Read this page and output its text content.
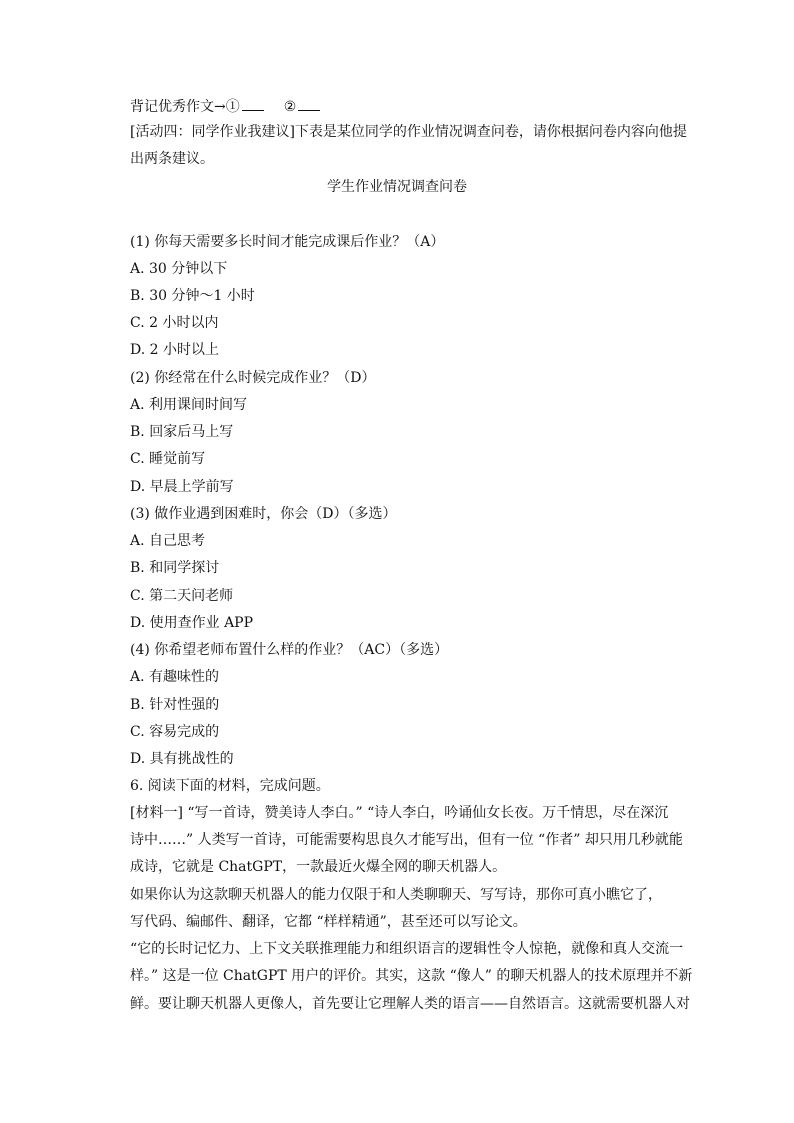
背记优秀作文→①	②
[活动四：同学作业我建议]下表是某位同学的作业情况调查问卷，请你根据问卷内容向他提
出两条建议。
学生作业情况调查问卷
(1) 你每天需要多长时间才能完成课后作业？（A）
A. 30 分钟以下
B. 30 分钟～1 小时
C. 2 小时以内
D. 2 小时以上
(2) 你经常在什么时候完成作业？（D）
A. 利用课间时间写
B. 回家后马上写
C. 睡觉前写
D. 早晨上学前写
(3) 做作业遇到困难时，你会（D）（多选）
A. 自己思考
B. 和同学探讨
C. 第二天问老师
D. 使用查作业 APP
(4) 你希望老师布置什么样的作业？（AC）（多选）
A. 有趣味性的
B. 针对性强的
C. 容易完成的
D. 具有挑战性的
6. 阅读下面的材料，完成问题。
[材料一] “写一首诗，赞美诗人李白。” “诗人李白，吟诵仙女长夜。万千情思，尽在深沉
诗中……” 人类写一首诗，可能需要构思良久才能写出，但有一位 “作者” 却只用几秒就能
成诗，它就是 ChatGPT，一款最近火爆全网的聊天机器人。
如果你认为这款聊天机器人的能力仅限于和人类聊聊天、写写诗，那你可真小瞧它了，
写代码、编邮件、翻译，它都 “样样精通”，甚至还可以写论文。
“它的长时记忆力、上下文关联推理能力和组织语言的逻辑性令人惊艳，就像和真人交流一
样。” 这是一位 ChatGPT 用户的评价。其实，这款 “像人” 的聊天机器人的技术原理并不新
鲜。要让聊天机器人更像人，首先要让它理解人类的语言——自然语言。这就需要机器人对
